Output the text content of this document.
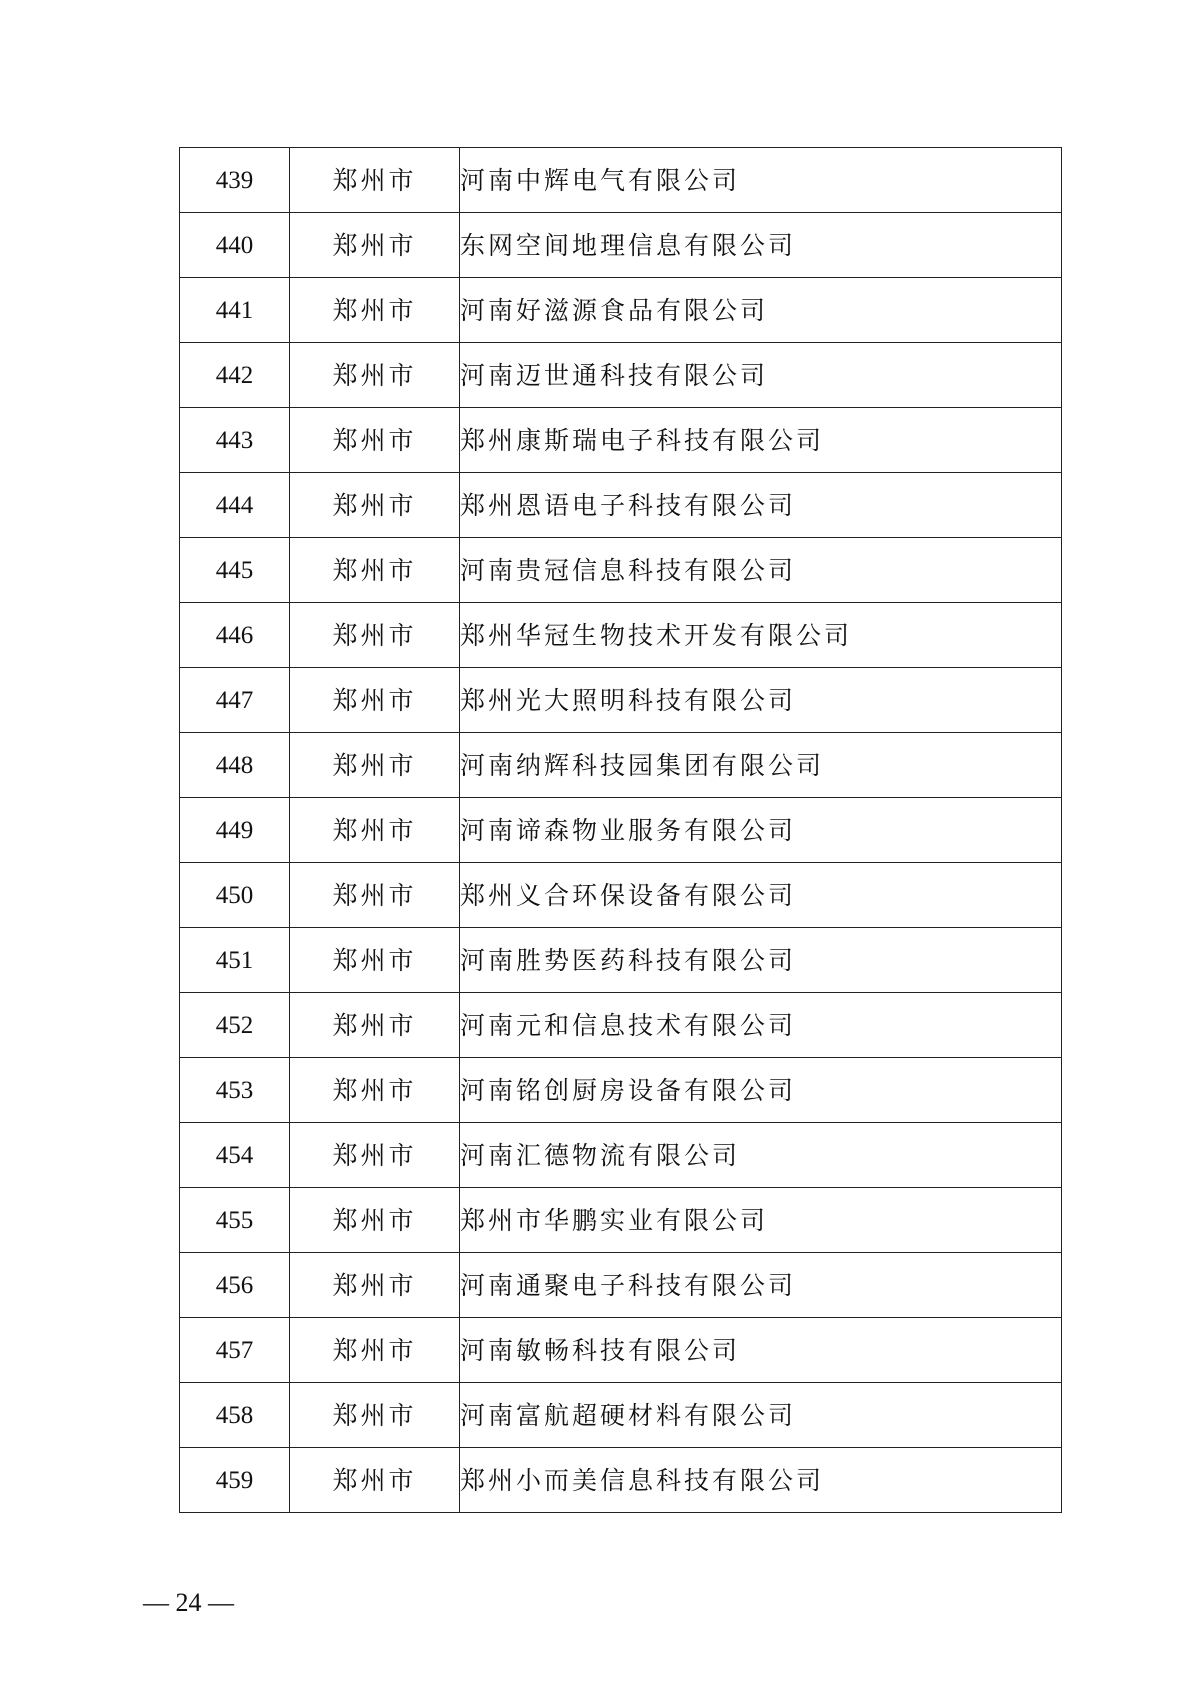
439	郑州市	河南中辉电气有限公司
440	郑州市	东网空间地理信息有限公司
441	郑州市	河南好滋源食品有限公司
442	郑州市	河南迈世通科技有限公司
443	郑州市	郑州康斯瑞电子科技有限公司
444	郑州市	郑州恩语电子科技有限公司
445	郑州市	河南贵冠信息科技有限公司
446	郑州市	郑州华冠生物技术开发有限公司
447	郑州市	郑州光大照明科技有限公司
448	郑州市	河南纳辉科技园集团有限公司
449	郑州市	河南谛森物业服务有限公司
450	郑州市	郑州义合环保设备有限公司
451	郑州市	河南胜势医药科技有限公司
452	郑州市	河南元和信息技术有限公司
453	郑州市	河南铭创厨房设备有限公司
454	郑州市	河南汇德物流有限公司
455	郑州市	郑州市华鹏实业有限公司
456	郑州市	河南通聚电子科技有限公司
457	郑州市	河南敏畅科技有限公司
458	郑州市	河南富航超硬材料有限公司
459	郑州市	郑州小而美信息科技有限公司
— 24 —
